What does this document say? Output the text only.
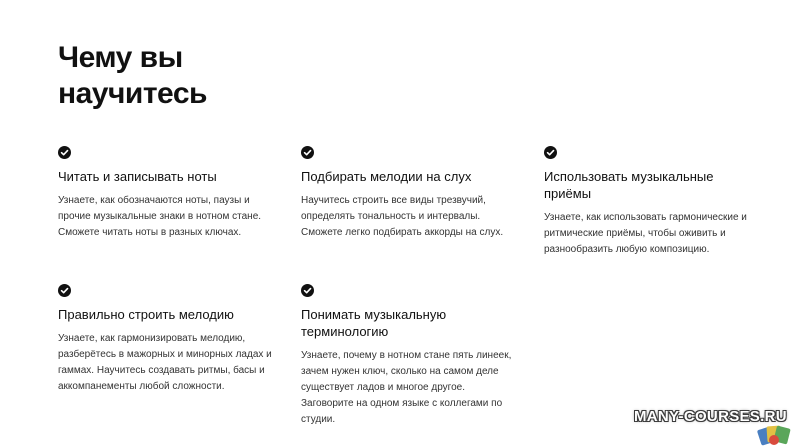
Чему вы научитесь
Читать и записывать ноты

Узнаете, как обозначаются ноты, паузы и прочие музыкальные знаки в нотном стане. Сможете читать ноты в разных ключах.

Подбирать мелодии на слух

Научитесь строить все виды трезвучий, определять тональность и интервалы. Сможете легко подбирать аккорды на слух.

Использовать музыкальные приёмы

Узнаете, как использовать гармонические и ритмические приёмы, чтобы оживить и разнообразить любую композицию.

Правильно строить мелодию

Узнаете, как гармонизировать мелодию, разберётесь в мажорных и минорных ладах и гаммах. Научитесь создавать ритмы, басы и аккомпанементы любой сложности.

Понимать музыкальную терминологию

Узнаете, почему в нотном стане пять линеек, зачем нужен ключ, сколько на самом деле существует ладов и многое другое. Заговорите на одном языке с коллегами по студии.	MANY-COURSES.RU
